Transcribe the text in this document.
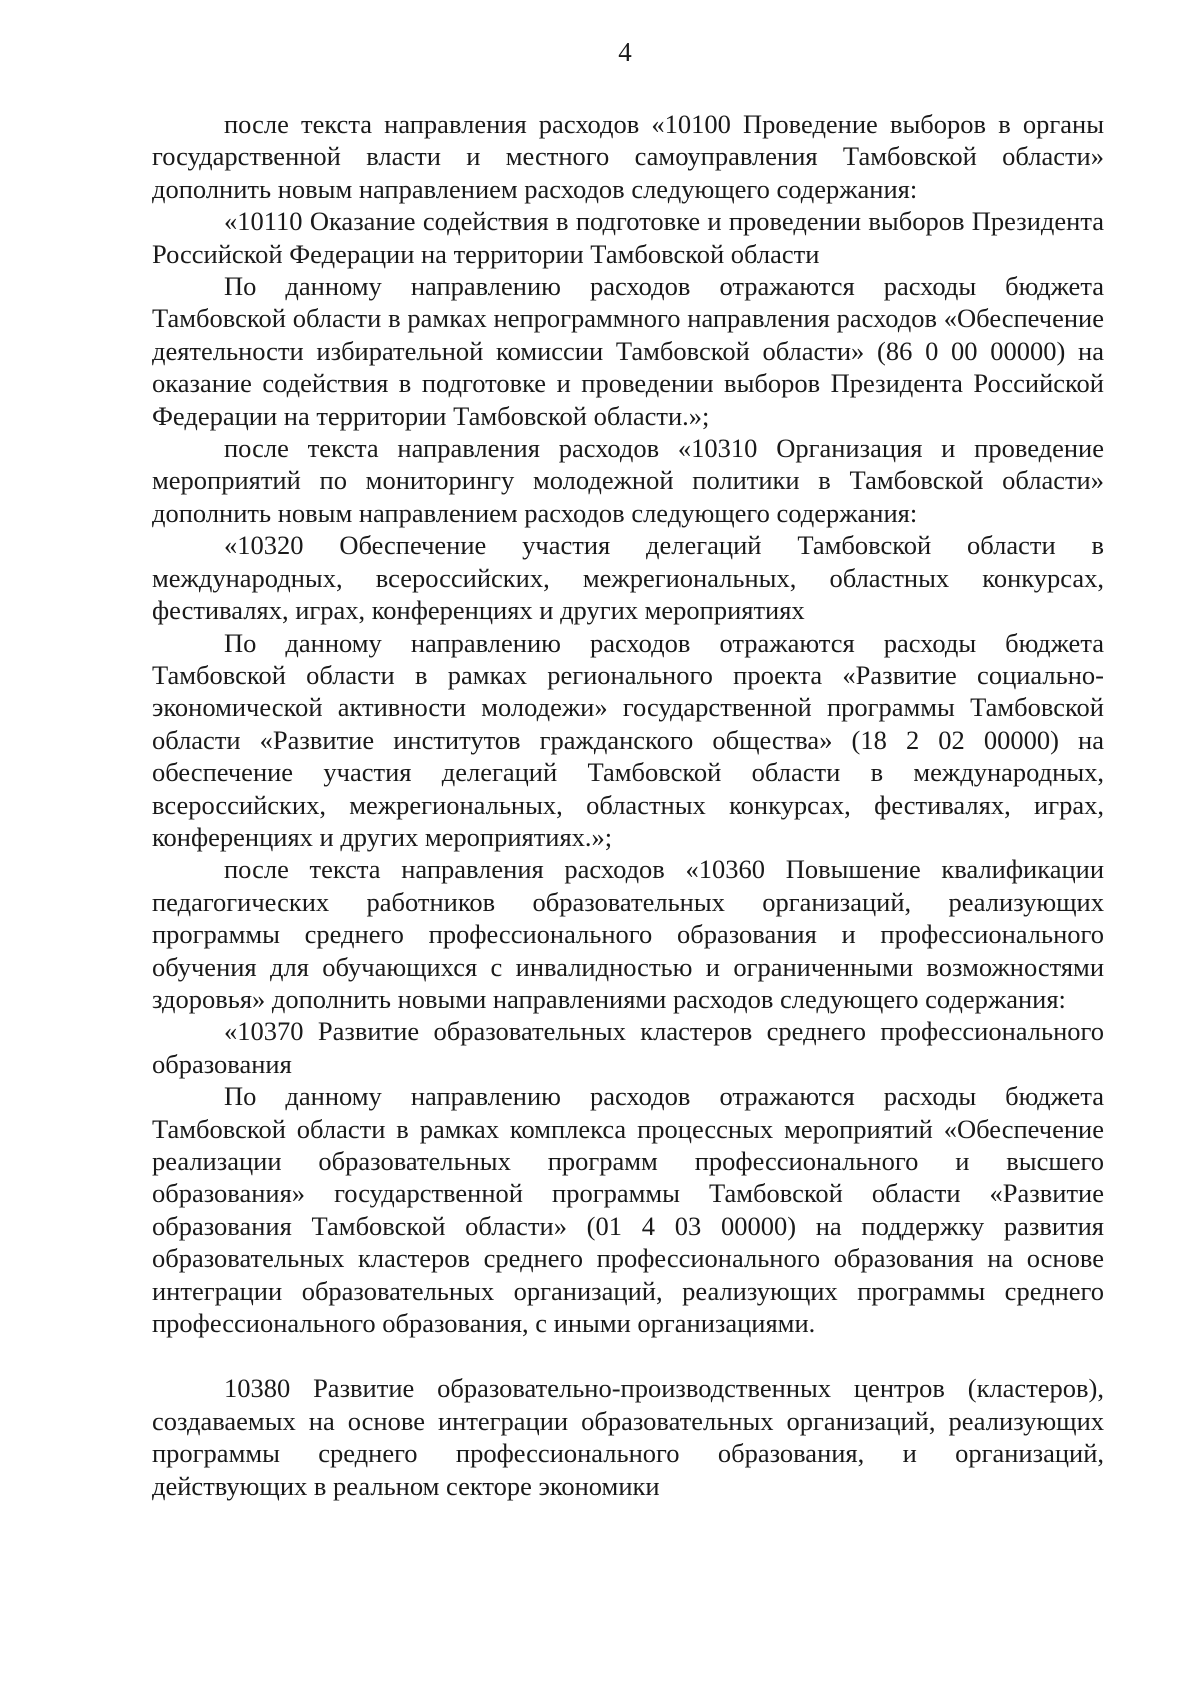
4

после текста направления расходов «10100 Проведение выборов в органы государственной власти и местного самоуправления Тамбовской области» дополнить новым направлением расходов следующего содержания:

«10110 Оказание содействия в подготовке и проведении выборов Президента Российской Федерации на территории Тамбовской области

По данному направлению расходов отражаются расходы бюджета Тамбовской области в рамках непрограммного направления расходов «Обеспечение деятельности избирательной комиссии Тамбовской области» (86 0 00 00000) на оказание содействия в подготовке и проведении выборов Президента Российской Федерации на территории Тамбовской области.»;

после текста направления расходов «10310 Организация и проведение мероприятий по мониторингу молодежной политики в Тамбовской области» дополнить новым направлением расходов следующего содержания:

«10320 Обеспечение участия делегаций Тамбовской области в международных, всероссийских, межрегиональных, областных конкурсах, фестивалях, играх, конференциях и других мероприятиях

По данному направлению расходов отражаются расходы бюджета Тамбовской области в рамках регионального проекта «Развитие социально-экономической активности молодежи» государственной программы Тамбовской области «Развитие институтов гражданского общества» (18 2 02 00000) на обеспечение участия делегаций Тамбовской области в международных, всероссийских, межрегиональных, областных конкурсах, фестивалях, играх, конференциях и других мероприятиях.»;

после текста направления расходов «10360 Повышение квалификации педагогических работников образовательных организаций, реализующих программы среднего профессионального образования и профессионального обучения для обучающихся с инвалидностью и ограниченными возможностями здоровья» дополнить новыми направлениями расходов следующего содержания:

«10370 Развитие образовательных кластеров среднего профессионального образования

По данному направлению расходов отражаются расходы бюджета Тамбовской области в рамках комплекса процессных мероприятий «Обеспечение реализации образовательных программ профессионального и высшего образования» государственной программы Тамбовской области «Развитие образования Тамбовской области» (01 4 03 00000) на поддержку развития образовательных кластеров среднего профессионального образования на основе интеграции образовательных организаций, реализующих программы среднего профессионального образования, с иными организациями.

10380 Развитие образовательно-производственных центров (кластеров), создаваемых на основе интеграции образовательных организаций, реализующих программы среднего профессионального образования, и организаций, действующих в реальном секторе экономики
